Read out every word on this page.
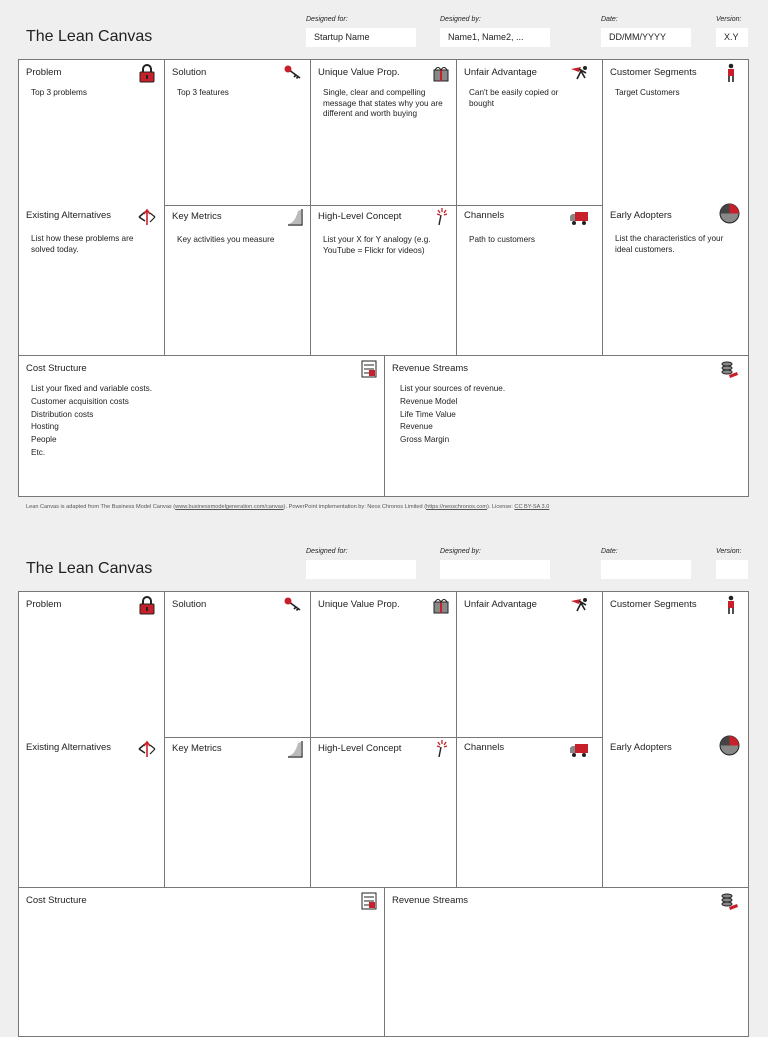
The Lean Canvas
Designed for:
Startup Name
Designed by:
Name1, Name2, ...
Date:
DD/MM/YYYY
Version:
X.Y
Problem
Top 3 problems
Existing Alternatives
List how these problems are solved today.
Solution
Top 3 features
Key Metrics
Key activities you measure
Unique Value Prop.
Single, clear and compelling message that states why you are different and worth buying
High-Level Concept
List your X for Y analogy (e.g. YouTube = Flickr for videos)
Unfair Advantage
Can't be easily copied or bought
Channels
Path to customers
Customer Segments
Target Customers
Early Adopters
List the characteristics of your ideal customers.
Cost Structure
List your fixed and variable costs.
Customer acquisition costs
Distribution costs
Hosting
People
Etc.
Revenue Streams
List your sources of revenue.
Revenue Model
Life Time Value
Revenue
Gross Margin
Lean Canvas is adapted from The Business Model Canvas (www.businessmodelgeneration.com/canvas). PowerPoint implementation by: Neos Chronos Limited (https://neoschronos.com). License: CC BY-SA 3.0
The Lean Canvas
Designed for:	Designed by:	Date:	Version:
Problem
Existing Alternatives
Solution
Key Metrics
Unique Value Prop.
High-Level Concept
Unfair Advantage
Channels
Customer Segments
Early Adopters
Cost Structure	Revenue Streams
